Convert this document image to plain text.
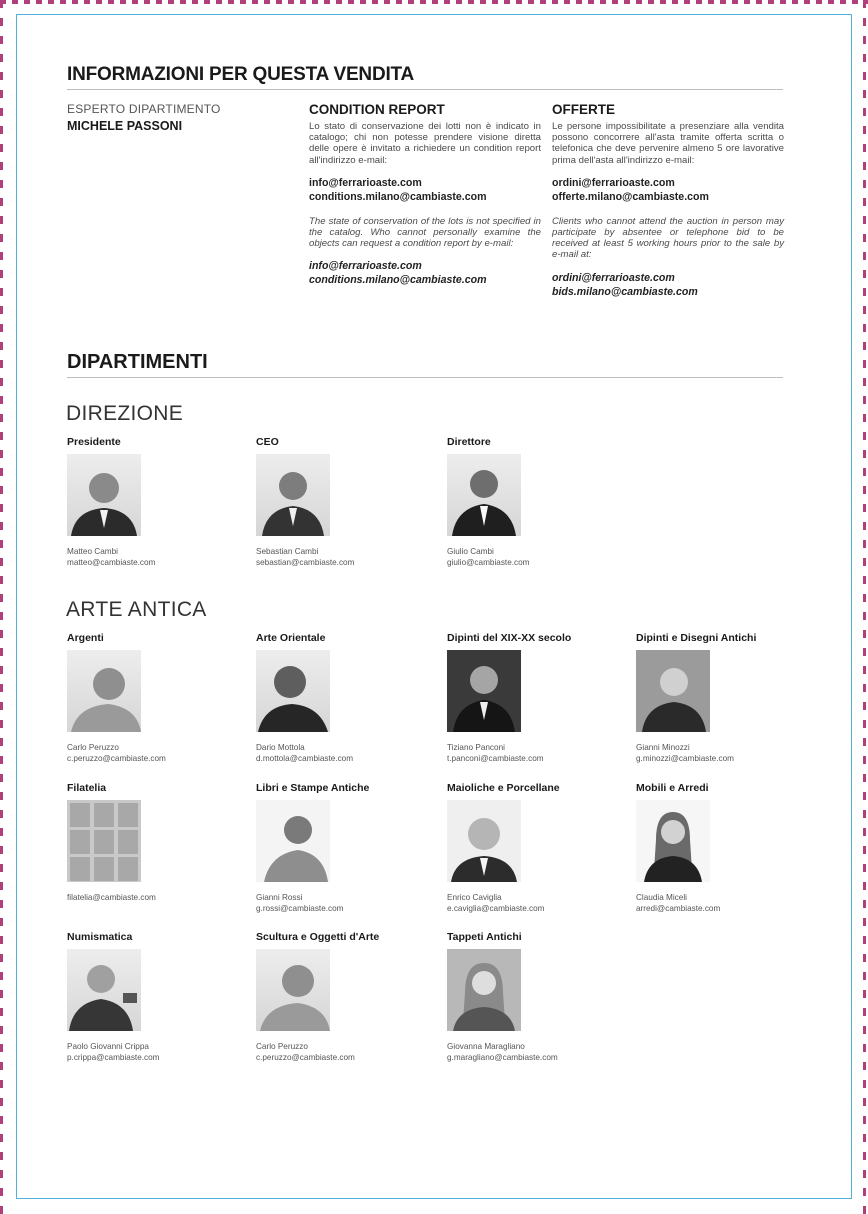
INFORMAZIONI PER QUESTA VENDITA
ESPERTO DIPARTIMENTO
MICHELE PASSONI
CONDITION REPORT
Lo stato di conservazione dei lotti non è indicato in catalogo; chi non potesse prendere visione diretta delle opere è invitato a richiedere un condition report all'indirizzo e-mail:
info@ferrarioaste.com
conditions.milano@cambiaste.com
The state of conservation of the lots is not specified in the catalog. Who cannot personally examine the objects can request a condition report by e-mail:
info@ferrarioaste.com
conditions.milano@cambiaste.com
OFFERTE
Le persone impossibilitate a presenziare alla vendita possono concorrere all'asta tramite offerta scritta o telefonica che deve pervenire almeno 5 ore lavorative prima dell'asta all'indirizzo e-mail:
ordini@ferrarioaste.com
offerte.milano@cambiaste.com
Clients who cannot attend the auction in person may participate by absentee or telephone bid to be received at least 5 working hours prior to the sale by e-mail at:
ordini@ferrarioaste.com
bids.milano@cambiaste.com
DIPARTIMENTI
DIREZIONE
Presidente
Matteo Cambi
matteo@cambiaste.com
CEO
Sebastian Cambi
sebastian@cambiaste.com
Direttore
Giulio Cambi
giulio@cambiaste.com
ARTE ANTICA
Argenti
Carlo Peruzzo
c.peruzzo@cambiaste.com
Arte Orientale
Dario Mottola
d.mottola@cambiaste.com
Dipinti del XIX-XX secolo
Tiziano Panconi
t.panconi@cambiaste.com
Dipinti e Disegni Antichi
Gianni Minozzi
g.minozzi@cambiaste.com
Filatelia
filatelia@cambiaste.com
Libri e Stampe Antiche
Gianni Rossi
g.rossi@cambiaste.com
Maioliche e Porcellane
Enrico Caviglia
e.caviglia@cambiaste.com
Mobili e Arredi
Claudia Miceli
arredi@cambiaste.com
Numismatica
Paolo Giovanni Crippa
p.crippa@cambiaste.com
Scultura e Oggetti d'Arte
Carlo Peruzzo
c.peruzzo@cambiaste.com
Tappeti Antichi
Giovanna Maragliano
g.maragliano@cambiaste.com
